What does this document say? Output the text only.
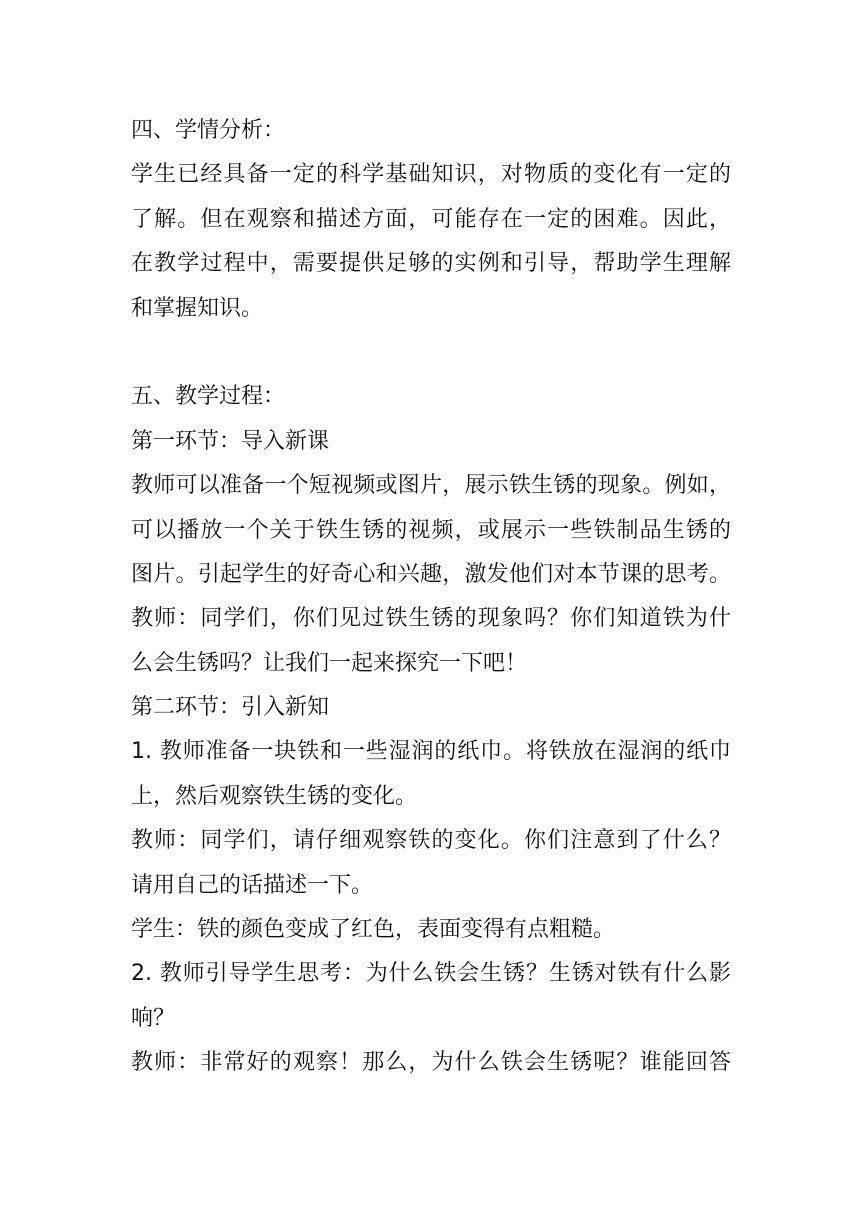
四、学情分析：
学生已经具备一定的科学基础知识，对物质的变化有一定的
了解。但在观察和描述方面，可能存在一定的困难。因此，
在教学过程中，需要提供足够的实例和引导，帮助学生理解
和掌握知识。
五、教学过程：
第一环节：导入新课
教师可以准备一个短视频或图片，展示铁生锈的现象。例如，
可以播放一个关于铁生锈的视频，或展示一些铁制品生锈的
图片。引起学生的好奇心和兴趣，激发他们对本节课的思考。
教师：同学们，你们见过铁生锈的现象吗？你们知道铁为什
么会生锈吗？让我们一起来探究一下吧！
第二环节：引入新知
1. 教师准备一块铁和一些湿润的纸巾。将铁放在湿润的纸巾
上，然后观察铁生锈的变化。
教师：同学们，请仔细观察铁的变化。你们注意到了什么？
请用自己的话描述一下。
学生：铁的颜色变成了红色，表面变得有点粗糙。
2. 教师引导学生思考：为什么铁会生锈？生锈对铁有什么影
响？
教师：非常好的观察！那么，为什么铁会生锈呢？谁能回答
